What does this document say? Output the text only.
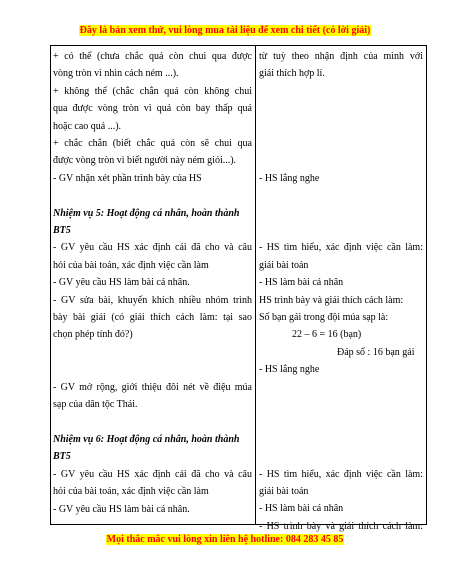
Đây là bản xem thử, vui lòng mua tài liệu để xem chi tiết (có lời giải)
+ có thể (chưa chắc quả còn chui qua được
vòng tròn vì nhìn cách ném ...).
+ không thể (chắc chắn quả còn không chui
qua được vòng tròn vì quả còn bay thấp quá
hoặc cao quá ...).
+ chắc chắn (biết chắc quả còn sẽ chui qua
được vòng tròn vì biết người này ném giỏi...).
- GV nhận xét phần trình bày của HS
Nhiệm vụ 5: Hoạt động cá nhân, hoàn thành
BT5
- GV yêu cầu HS xác định cái đã cho và câu
hỏi của bài toán, xác định việc cần làm
- GV yêu cầu HS làm bài cá nhân.
- GV sửa bài, khuyến khích nhiều nhóm trình
bày bài giải (có giải thích cách làm: tại sao
chọn phép tính đó?)
- GV mở rộng, giới thiệu đôi nét về điệu múa
sạp của dân tộc Thái.
Nhiệm vụ 6: Hoạt động cá nhân, hoàn thành
BT5
- GV yêu cầu HS xác định cái đã cho và câu
hỏi của bài toán, xác định việc cần làm
- GV yêu cầu HS làm bài cá nhân.
từ tuỳ theo nhận định của mình với
giải thích hợp lí.
- HS lắng nghe
- HS tìm hiểu, xác định việc cần làm:
giải bài toán
- HS làm bài cá nhân
HS trình bày và giải thích cách làm:
Số bạn gái trong đội múa sạp là:
22 – 6 = 16 (bạn)
Đáp số : 16 bạn gái
- HS lắng nghe
- HS tìm hiểu, xác định việc cần làm:
giải bài toán
- HS làm bài cá nhân
- HS trình bày và giải thích cách làm:
Mọi thắc mắc vui lòng xin liên hệ hotline: 084 283 45 85
